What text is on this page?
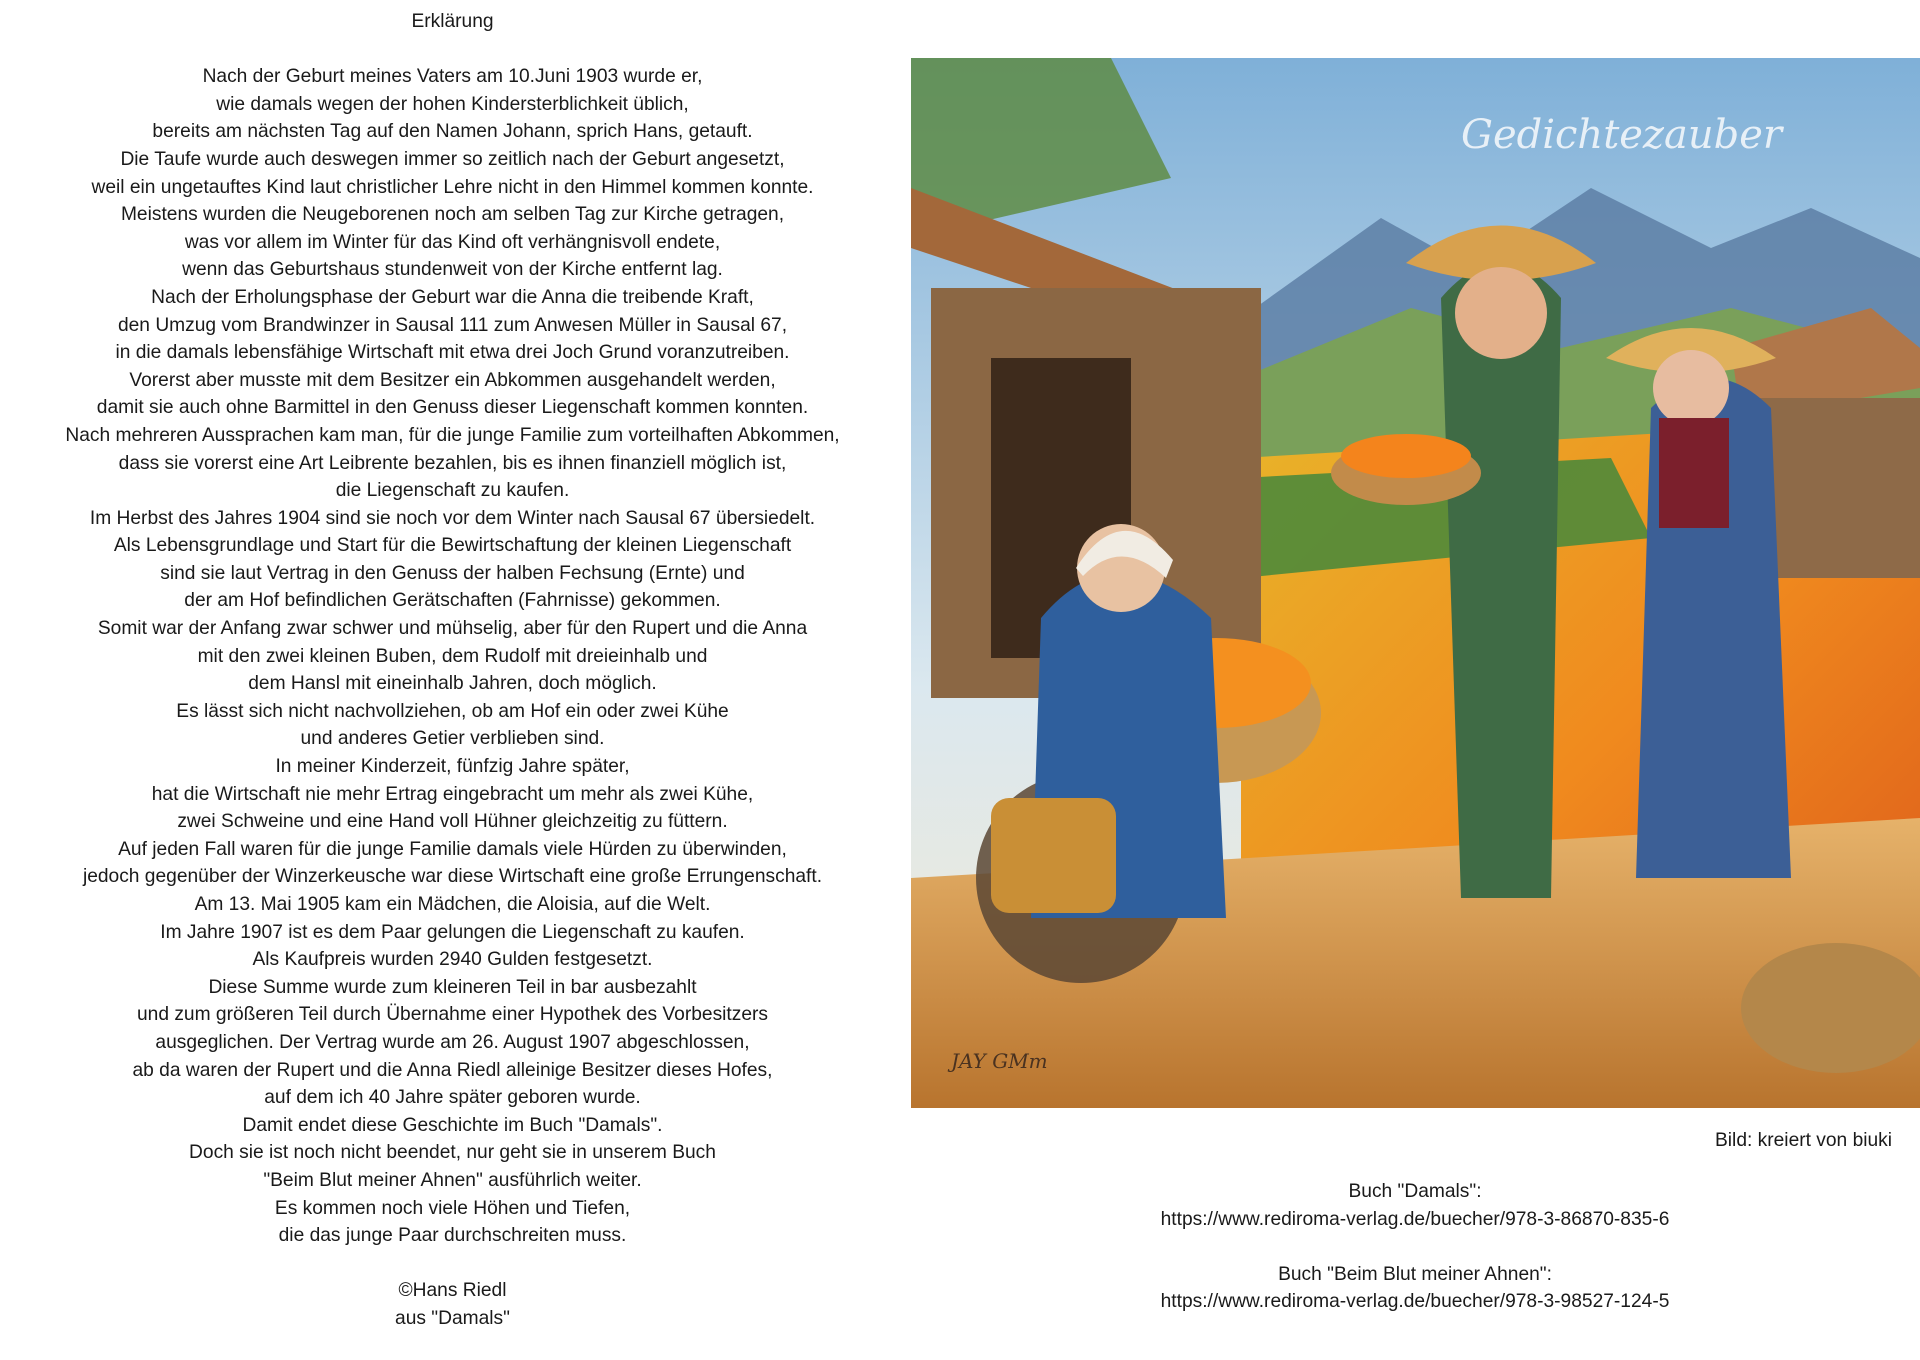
Erklärung
Nach der Geburt meines Vaters am 10.Juni 1903 wurde er,
wie damals wegen der hohen Kindersterblichkeit üblich,
bereits am nächsten Tag auf den Namen Johann, sprich Hans, getauft.
Die Taufe wurde auch deswegen immer so zeitlich nach der Geburt angesetzt,
weil ein ungetauftes Kind laut christlicher Lehre nicht in den Himmel kommen konnte.
Meistens wurden die Neugeborenen noch am selben Tag zur Kirche getragen,
was vor allem im Winter für das Kind oft verhängnisvoll endete,
wenn das Geburtshaus stundenweit von der Kirche entfernt lag.
Nach der Erholungsphase der Geburt war die Anna die treibende Kraft,
den Umzug vom Brandwinzer in Sausal 111 zum Anwesen Müller in Sausal 67,
in die damals lebensfähige Wirtschaft mit etwa drei Joch Grund voranzutreiben.
Vorerst aber musste mit dem Besitzer ein Abkommen ausgehandelt werden,
damit sie auch ohne Barmittel in den Genuss dieser Liegenschaft kommen konnten.
Nach mehreren Aussprachen kam man, für die junge Familie zum vorteilhaften Abkommen,
dass sie vorerst eine Art Leibrente bezahlen, bis es ihnen finanziell möglich ist,
die Liegenschaft zu kaufen.
Im Herbst des Jahres 1904 sind sie noch vor dem Winter nach Sausal 67 übersiedelt.
Als Lebensgrundlage und Start für die Bewirtschaftung der kleinen Liegenschaft
sind sie laut Vertrag in den Genuss der halben Fechsung (Ernte) und
der am Hof befindlichen Gerätschaften (Fahrnisse) gekommen.
Somit war der Anfang zwar schwer und mühselig, aber für den Rupert und die Anna
mit den zwei kleinen Buben, dem Rudolf mit dreieinhalb und
dem Hansl mit eineinhalb Jahren, doch möglich.
Es lässt sich nicht nachvollziehen, ob am Hof ein oder zwei Kühe
und anderes Getier verblieben sind.
In meiner Kinderzeit, fünfzig Jahre später,
hat die Wirtschaft nie mehr Ertrag eingebracht um mehr als zwei Kühe,
zwei Schweine und eine Hand voll Hühner gleichzeitig zu füttern.
Auf jeden Fall waren für die junge Familie damals viele Hürden zu überwinden,
jedoch gegenüber der Winzerkeusche war diese Wirtschaft eine große Errungenschaft.
Am 13. Mai 1905 kam ein Mädchen, die Aloisia, auf die Welt.
Im Jahre 1907 ist es dem Paar gelungen die Liegenschaft zu kaufen.
Als Kaufpreis wurden 2940 Gulden festgesetzt.
Diese Summe wurde zum kleineren Teil in bar ausbezahlt
und zum größeren Teil durch Übernahme einer Hypothek des Vorbesitzers
ausgeglichen. Der Vertrag wurde am 26. August 1907 abgeschlossen,
ab da waren der Rupert und die Anna Riedl alleinige Besitzer dieses Hofes,
auf dem ich 40 Jahre später geboren wurde.
Damit endet diese Geschichte im Buch "Damals".
Doch sie ist noch nicht beendet, nur geht sie in unserem Buch
"Beim Blut meiner Ahnen" ausführlich weiter.
Es kommen noch viele Höhen und Tiefen,
die das junge Paar durchschreiten muss.
©Hans Riedl
aus "Damals"
Gedichtezauber
JAY GMm
Bild: kreiert von biuki
Buch "Damals":
https://www.rediroma-verlag.de/buecher/978-3-86870-835-6
Buch "Beim Blut meiner Ahnen":
https://www.rediroma-verlag.de/buecher/978-3-98527-124-5
